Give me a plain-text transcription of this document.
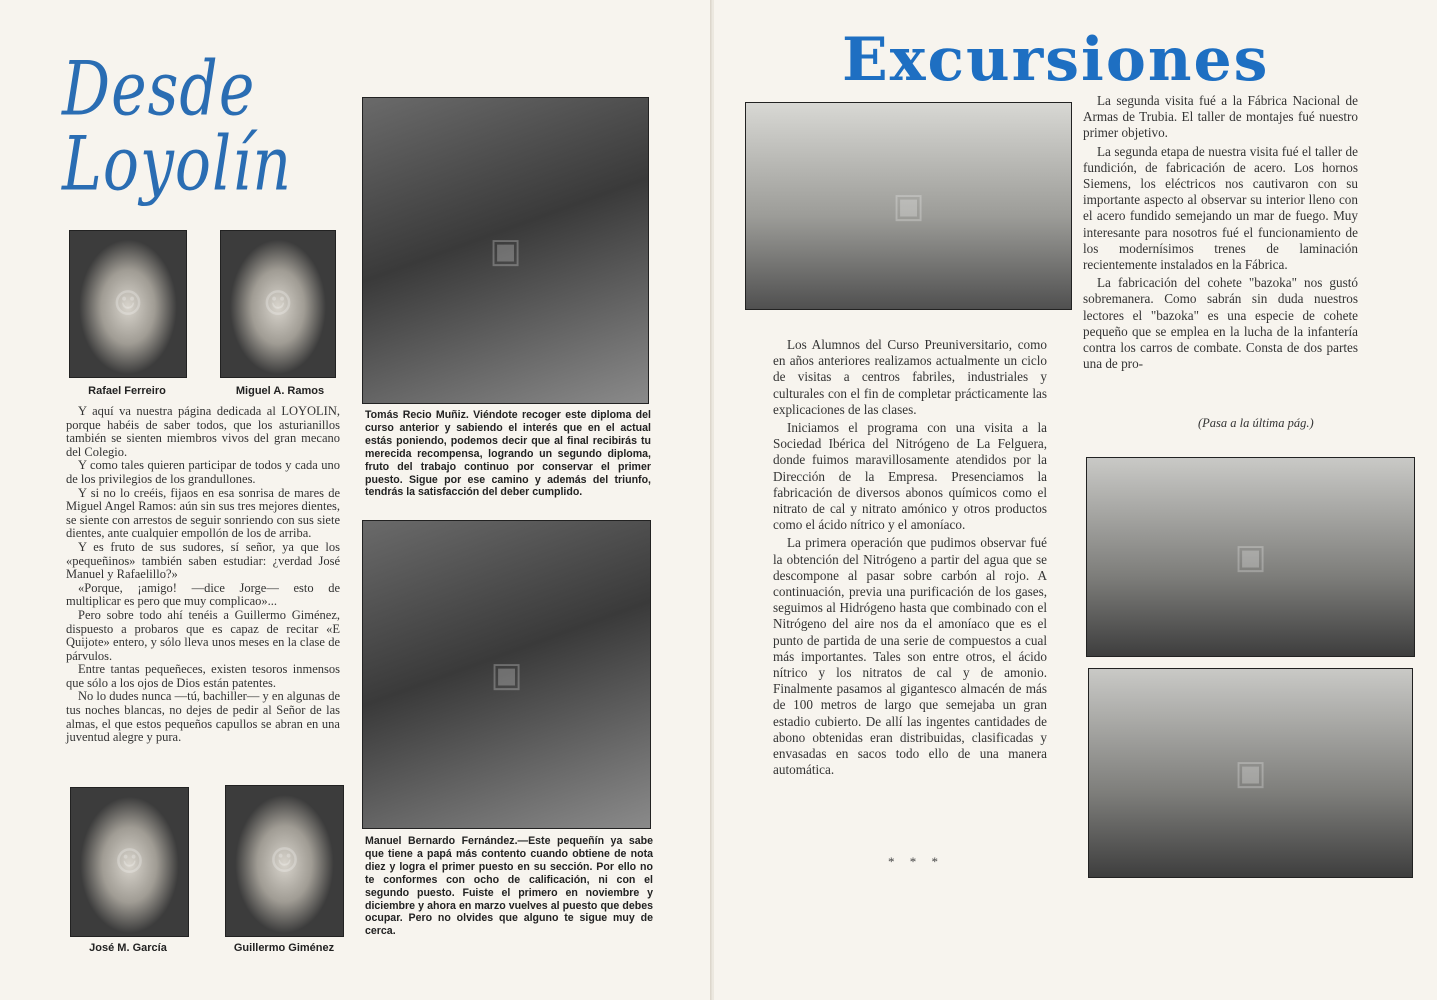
Desde Loyolín
☺	☺
Rafael Ferreiro	Miguel A. Ramos

Y aquí va nuestra página dedicada al LOYOLIN, porque habéis de saber todos, que los asturianillos también se sienten miembros vivos del gran mecano del Colegio.

Y como tales quieren participar de todos y cada uno de los privilegios de los grandullones.

Y si no lo creéis, fijaos en esa sonrisa de mares de Miguel Angel Ramos: aún sin sus tres mejores dientes, se siente con arrestos de seguir sonriendo con sus siete dientes, ante cualquier empollón de los de arriba.

Y es fruto de sus sudores, sí señor, ya que los «pequeñinos» también saben estudiar: ¿verdad José Manuel y Rafaelillo?»

«Porque, ¡amigo! —dice Jorge— esto de multiplicar es pero que muy complicao»...

Pero sobre todo ahí tenéis a Guillermo Giménez, dispuesto a probaros que es capaz de recitar «E Quijote» entero, y sólo lleva unos meses en la clase de párvulos.

Entre tantas pequeñeces, existen tesoros inmensos que sólo a los ojos de Dios están patentes.

No lo dudes nunca —tú, bachiller— y en algunas de tus noches blancas, no dejes de pedir al Señor de las almas, el que estos pequeños capullos se abran en una juventud alegre y pura.

☺	☺
José M. García	Guillermo Giménez
▣
Tomás Recio Muñiz. Viéndote recoger este diploma del curso anterior y sabiendo el interés que en el actual estás poniendo, podemos decir que al final recibirás tu merecida recompensa, logrando un segundo diploma, fruto del trabajo continuo por conservar el primer puesto. Sigue por ese camino y además del triunfo, tendrás la satisfacción del deber cumplido.
▣
Manuel Bernardo Fernández.—Este pequeñín ya sabe que tiene a papá más contento cuando obtiene de nota diez y logra el primer puesto en su sección. Por ello no te conformes con ocho de calificación, ni con el segundo puesto. Fuiste el primero en noviembre y diciembre y ahora en marzo vuelves al puesto que debes ocupar. Pero no olvides que alguno te sigue muy de cerca.
Excursiones
▣

Los Alumnos del Curso Preuniversitario, como en años anteriores realizamos actualmente un ciclo de visitas a centros fabriles, industriales y culturales con el fin de completar prácticamente las explicaciones de las clases.

Iniciamos el programa con una visita a la Sociedad Ibérica del Nitrógeno de La Felguera, donde fuimos maravillosamente atendidos por la Dirección de la Empresa. Presenciamos la fabricación de diversos abonos químicos como el nitrato de cal y nitrato amónico y otros productos como el ácido nítrico y el amoníaco.

La primera operación que pudimos observar fué la obtención del Nitrógeno a partir del agua que se descompone al pasar sobre carbón al rojo. A continuación, previa una purificación de los gases, seguimos al Hidrógeno hasta que combinado con el Nitrógeno del aire nos da el amoníaco que es el punto de partida de una serie de compuestos a cual más importantes. Tales son entre otros, el ácido nítrico y los nitratos de cal y de amonio. Finalmente pasamos al gigantesco almacén de más de 100 metros de largo que semejaba un gran estadio cubierto. De allí las ingentes cantidades de abono obtenidas eran distribuidas, clasificadas y envasadas en sacos todo ello de una manera automática.

* * *

La segunda visita fué a la Fábrica Nacional de Armas de Trubia. El taller de montajes fué nuestro primer objetivo.

La segunda etapa de nuestra visita fué el taller de fundición, de fabricación de acero. Los hornos Siemens, los eléctricos nos cautivaron con su importante aspecto al observar su interior lleno con el acero fundido semejando un mar de fuego. Muy interesante para nosotros fué el funcionamiento de los modernísimos trenes de laminación recientemente instalados en la Fábrica.

La fabricación del cohete "bazoka" nos gustó sobremanera. Como sabrán sin duda nuestros lectores el "bazoka" es una especie de cohete pequeño que se emplea en la lucha de la infantería contra los carros de combate. Consta de dos partes una de pro-

(Pasa a la última pág.)
▣
▣
